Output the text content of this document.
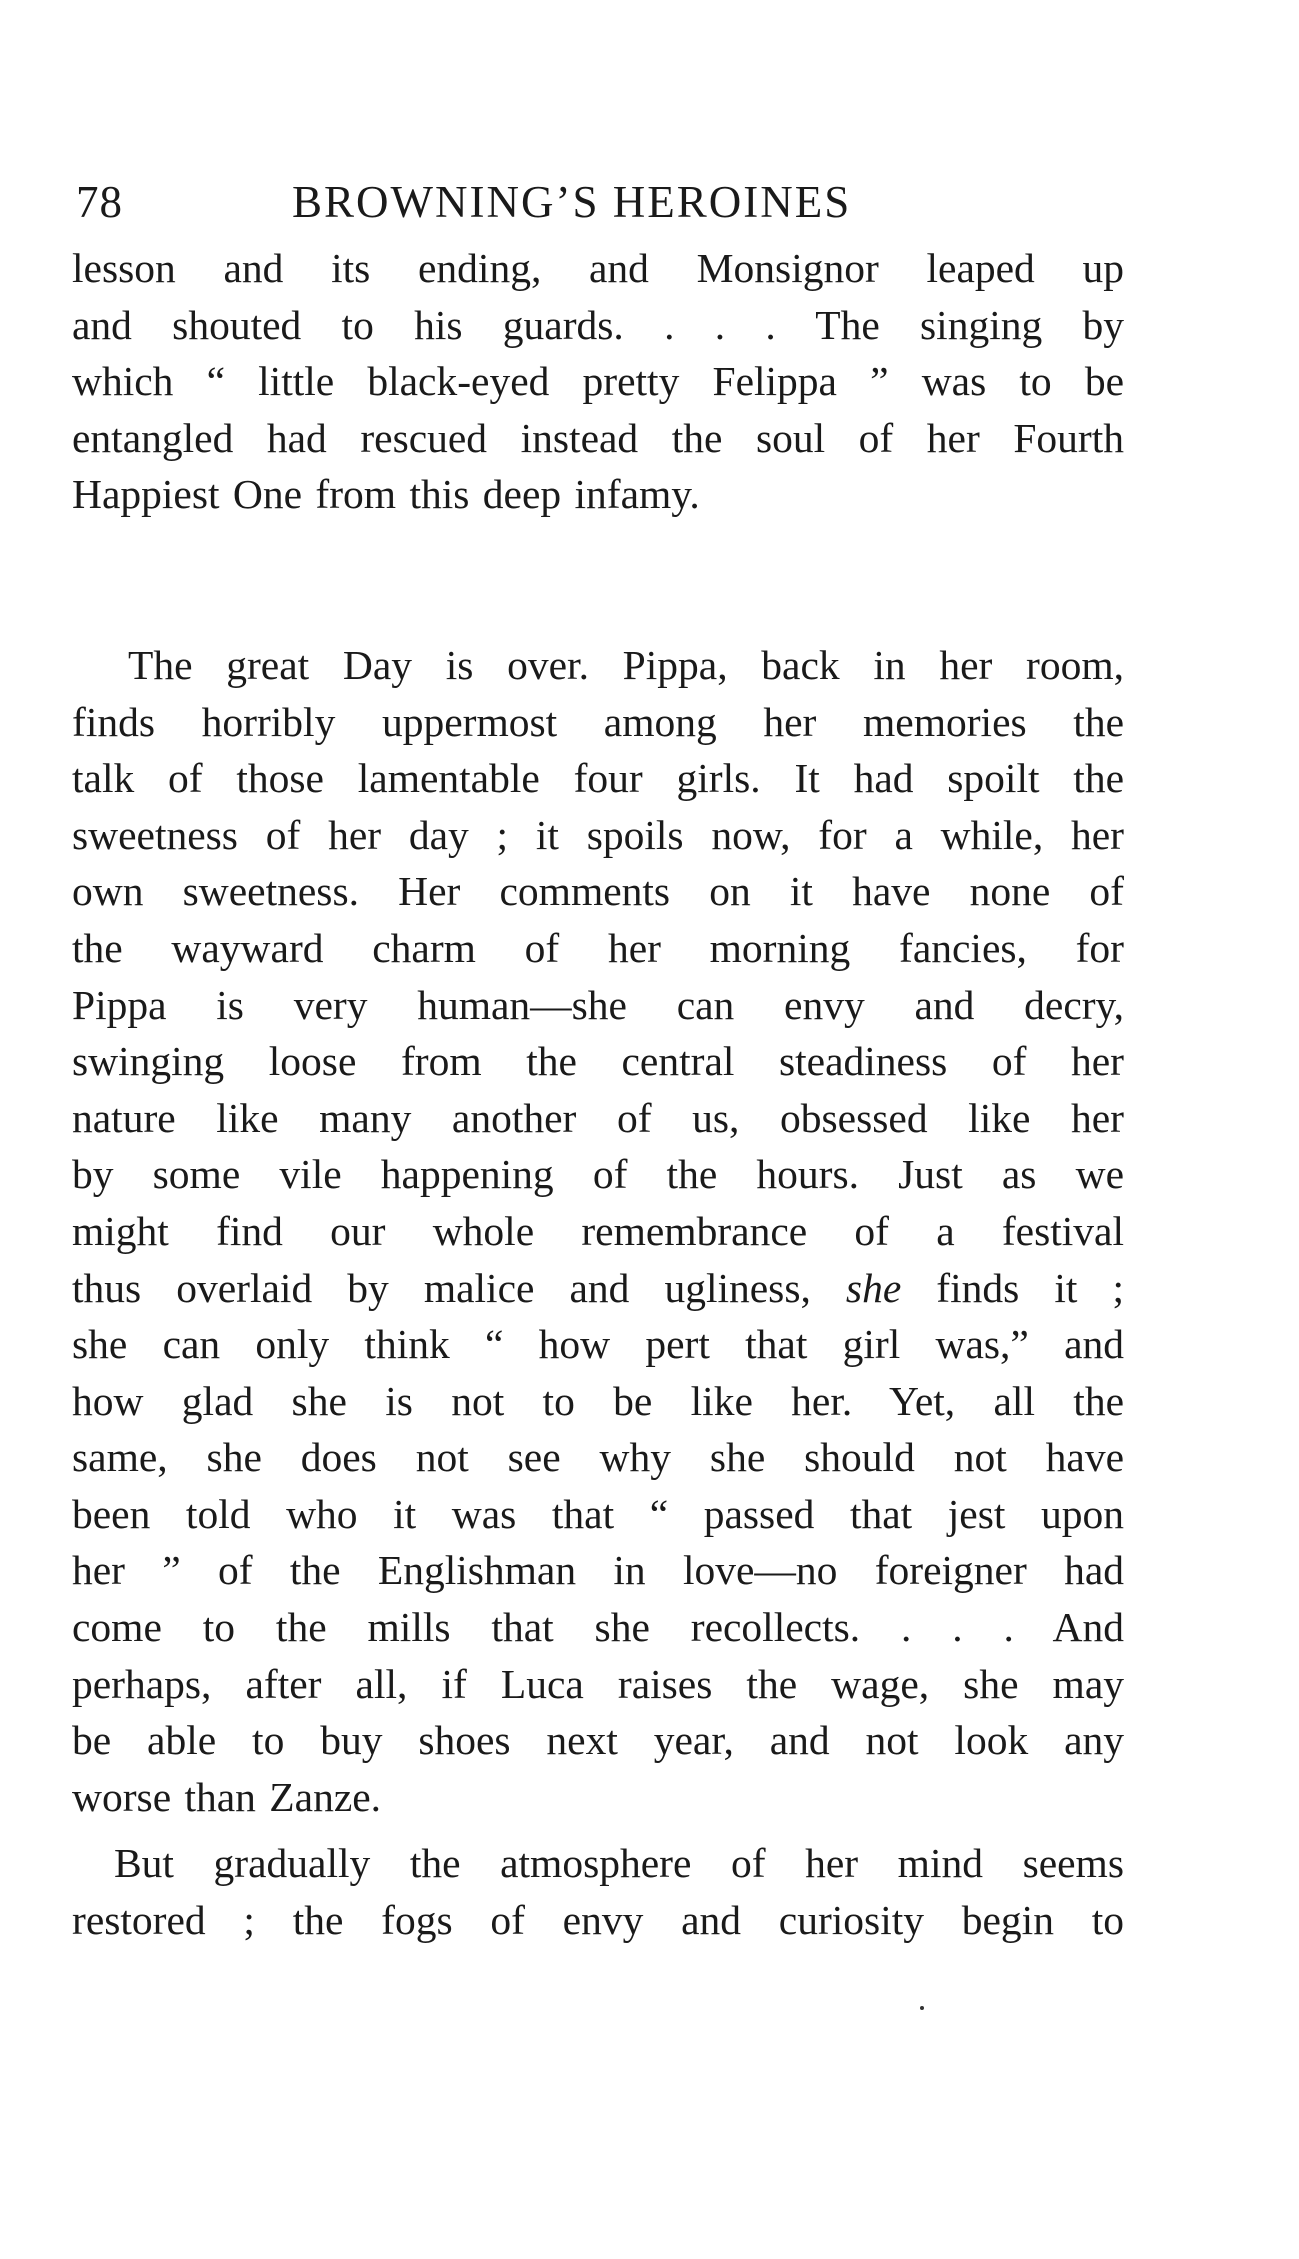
78	BROWNING’S HEROINES
lesson and its ending, and Monsignor leaped up
and shouted to his guards. . . . The singing by
which “ little black-eyed pretty Felippa ” was to be
entangled had rescued instead the soul of her Fourth
Happiest One from this deep infamy.
The great Day is over. Pippa, back in her room,
finds horribly uppermost among her memories the
talk of those lamentable four girls. It had spoilt the
sweetness of her day ; it spoils now, for a while, her
own sweetness. Her comments on it have none of
the wayward charm of her morning fancies, for
Pippa is very human—she can envy and decry,
swinging loose from the central steadiness of her
nature like many another of us, obsessed like her
by some vile happening of the hours. Just as we
might find our whole remembrance of a festival
thus overlaid by malice and ugliness, she finds it ;
she can only think “ how pert that girl was,” and
how glad she is not to be like her. Yet, all the
same, she does not see why she should not have
been told who it was that “ passed that jest upon
her ” of the Englishman in love—no foreigner had
come to the mills that she recollects. . . . And
perhaps, after all, if Luca raises the wage, she may
be able to buy shoes next year, and not look any
worse than Zanze.
But gradually the atmosphere of her mind seems
restored ; the fogs of envy and curiosity begin to
